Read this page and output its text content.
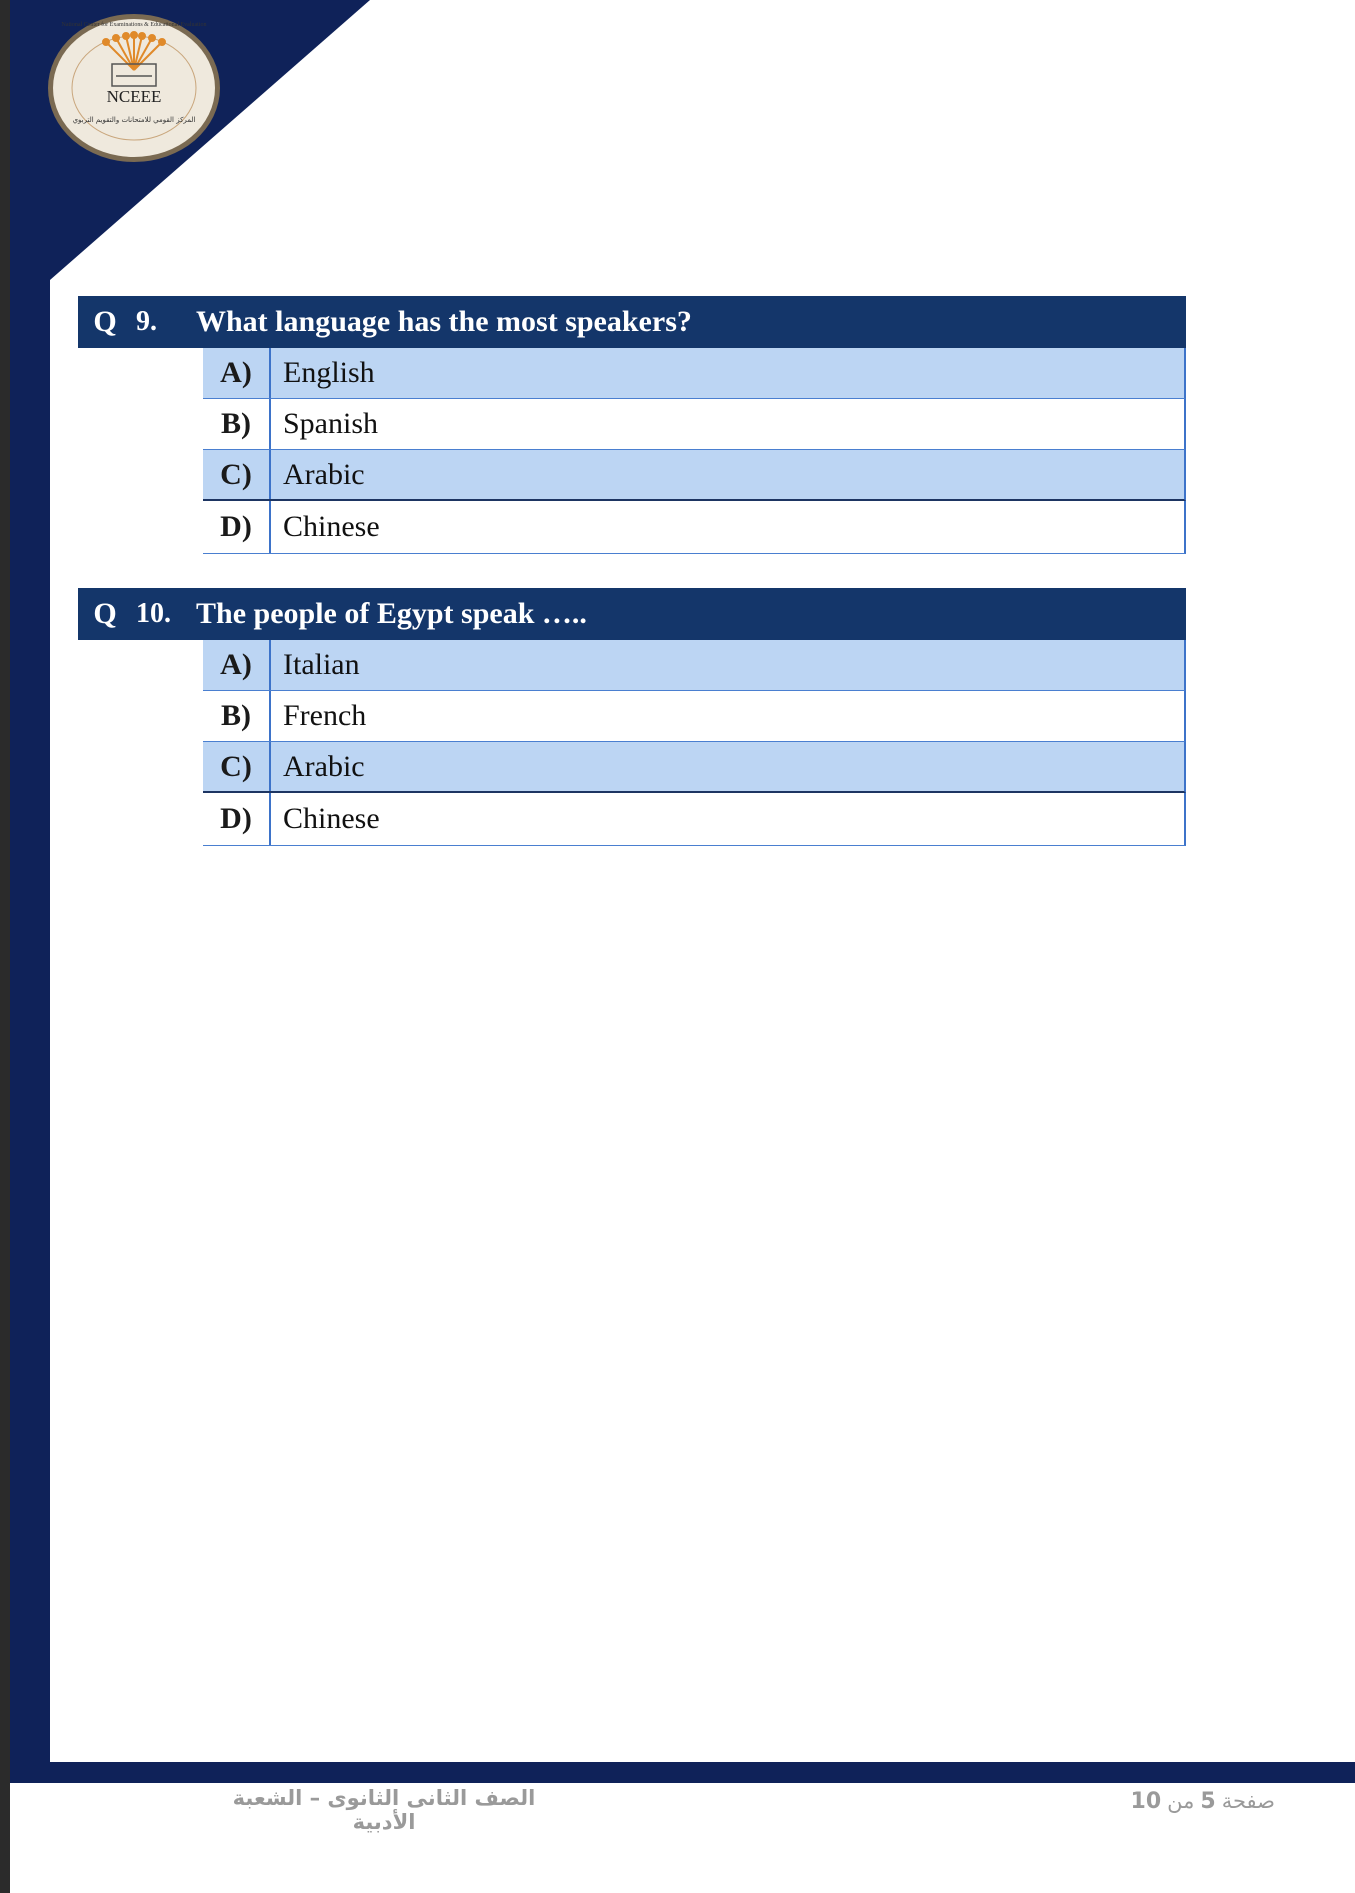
NCEEE
المركز القومي للامتحانات والتقويم التربوي
National Center for Examinations & Educational Evaluation
Q 9.	What language has the most speakers?
A)	English
B)	Spanish
C)	Arabic
D)	Chinese
Q 10. The people of Egypt speak …..
A)	Italian
B)	French
C)	Arabic
D)	Chinese
الصف الثانى الثانوى – الشعبة الأدبية
10 من 5 صفحة
